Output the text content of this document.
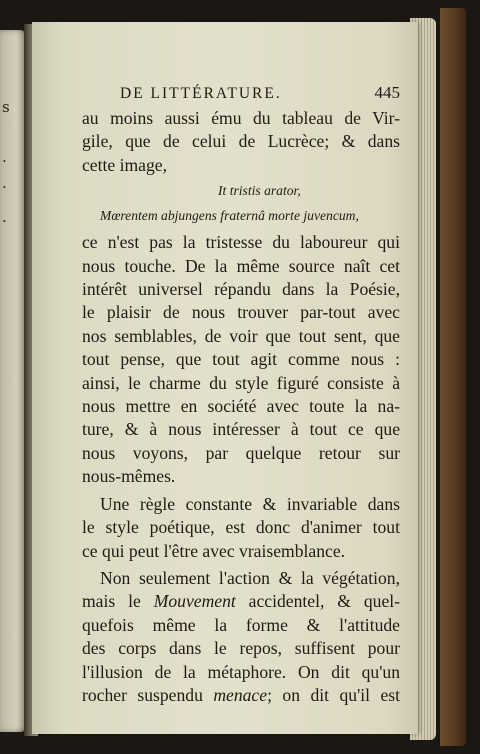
s
.
.
.
DE LITTÉRATURE.	445

au moins aussi ému du tableau de Vir-

gile, que de celui de Lucrèce; & dans

cette image,

It tristis arator,
Mœrentem abjungens fraternâ morte juvencum,

ce n'est pas la tristesse du laboureur qui

nous touche. De la même source naît cet

intérêt universel répandu dans la Poésie,

le plaisir de nous trouver par-tout avec

nos semblables, de voir que tout sent, que

tout pense, que tout agit comme nous :

ainsi, le charme du style figuré consiste à

nous mettre en société avec toute la na-

ture, & à nous intéresser à tout ce que

nous voyons, par quelque retour sur

nous-mêmes.

Une règle constante & invariable dans

le style poétique, est donc d'animer tout

ce qui peut l'être avec vraisemblance.

Non seulement l'action & la végétation,

mais le Mouvement accidentel, & quel-

quefois même la forme & l'attitude

des corps dans le repos, suffisent pour

l'illusion de la métaphore. On dit qu'un

rocher suspendu menace; on dit qu'il est
